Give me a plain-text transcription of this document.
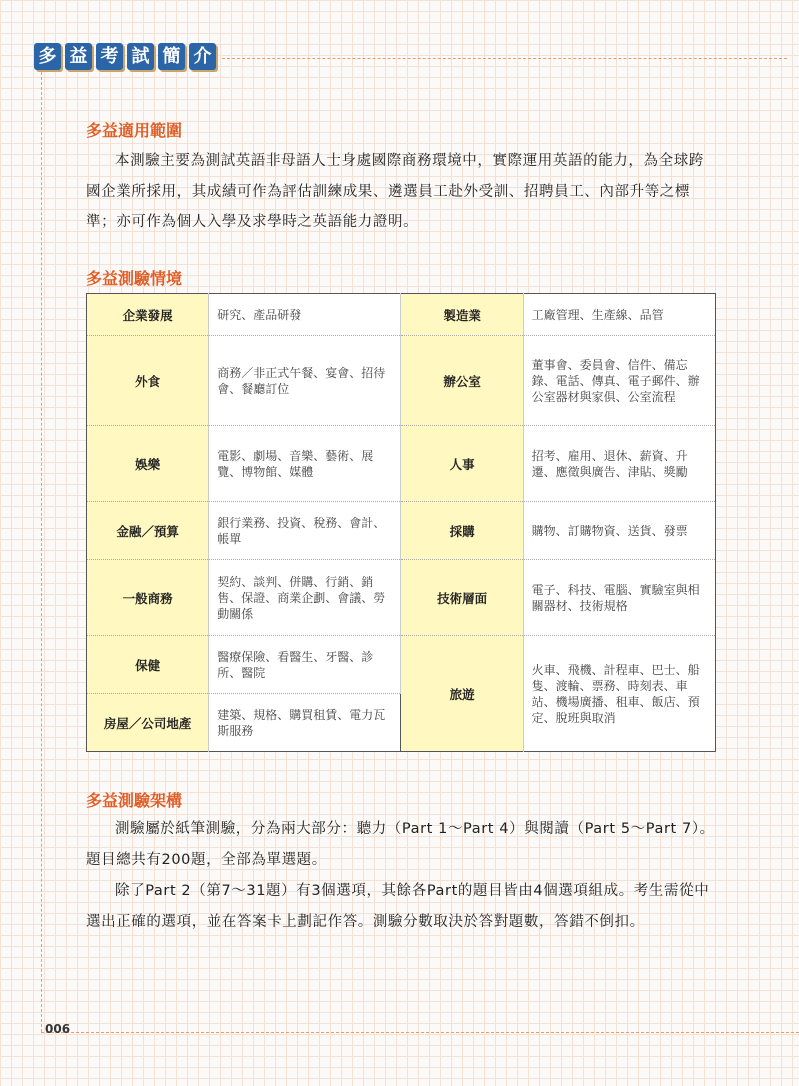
多 益 考 試 簡 介
多益適用範圍

本測驗主要為測試英語非母語人士身處國際商務環境中，實際運用英語的能力，為全球跨國企業所採用，其成績可作為評估訓練成果、遴選員工赴外受訓、招聘員工、內部升等之標準；亦可作為個人入學及求學時之英語能力證明。

多益測驗情境
企業發展	研究、產品研發	製造業	工廠管理、生產線、品管
外食	商務／非正式午餐、宴會、招待會、餐廳訂位	辦公室	董事會、委員會、信件、備忘錄、電話、傳真、電子郵件、辦公室器材與家俱、公室流程
娛樂	電影、劇場、音樂、藝術、展覽、博物館、媒體	人事	招考、雇用、退休、薪資、升遷、應徵與廣告、津貼、獎勵
金融／預算	銀行業務、投資、稅務、會計、帳單	採購	購物、訂購物資、送貨、發票
一般商務	契約、談判、併購、行銷、銷售、保證、商業企劃、會議、勞動關係	技術層面	電子、科技、電腦、實驗室與相關器材、技術規格
保健	醫療保險、看醫生、牙醫、診所、醫院	旅遊	火車、飛機、計程車、巴士、船隻、渡輪、票務、時刻表、車站、機場廣播、租車、飯店、預定、脫班與取消
房屋／公司地產	建築、規格、購買租賃、電力瓦斯服務		
多益測驗架構

測驗屬於紙筆測驗，分為兩大部分：聽力（Part 1～Part 4）與閱讀（Part 5～Part 7）。題目總共有200題，全部為單選題。

除了Part 2（第7～31題）有3個選項，其餘各Part的題目皆由4個選項組成。考生需從中選出正確的選項，並在答案卡上劃記作答。測驗分數取決於答對題數，答錯不倒扣。

006
